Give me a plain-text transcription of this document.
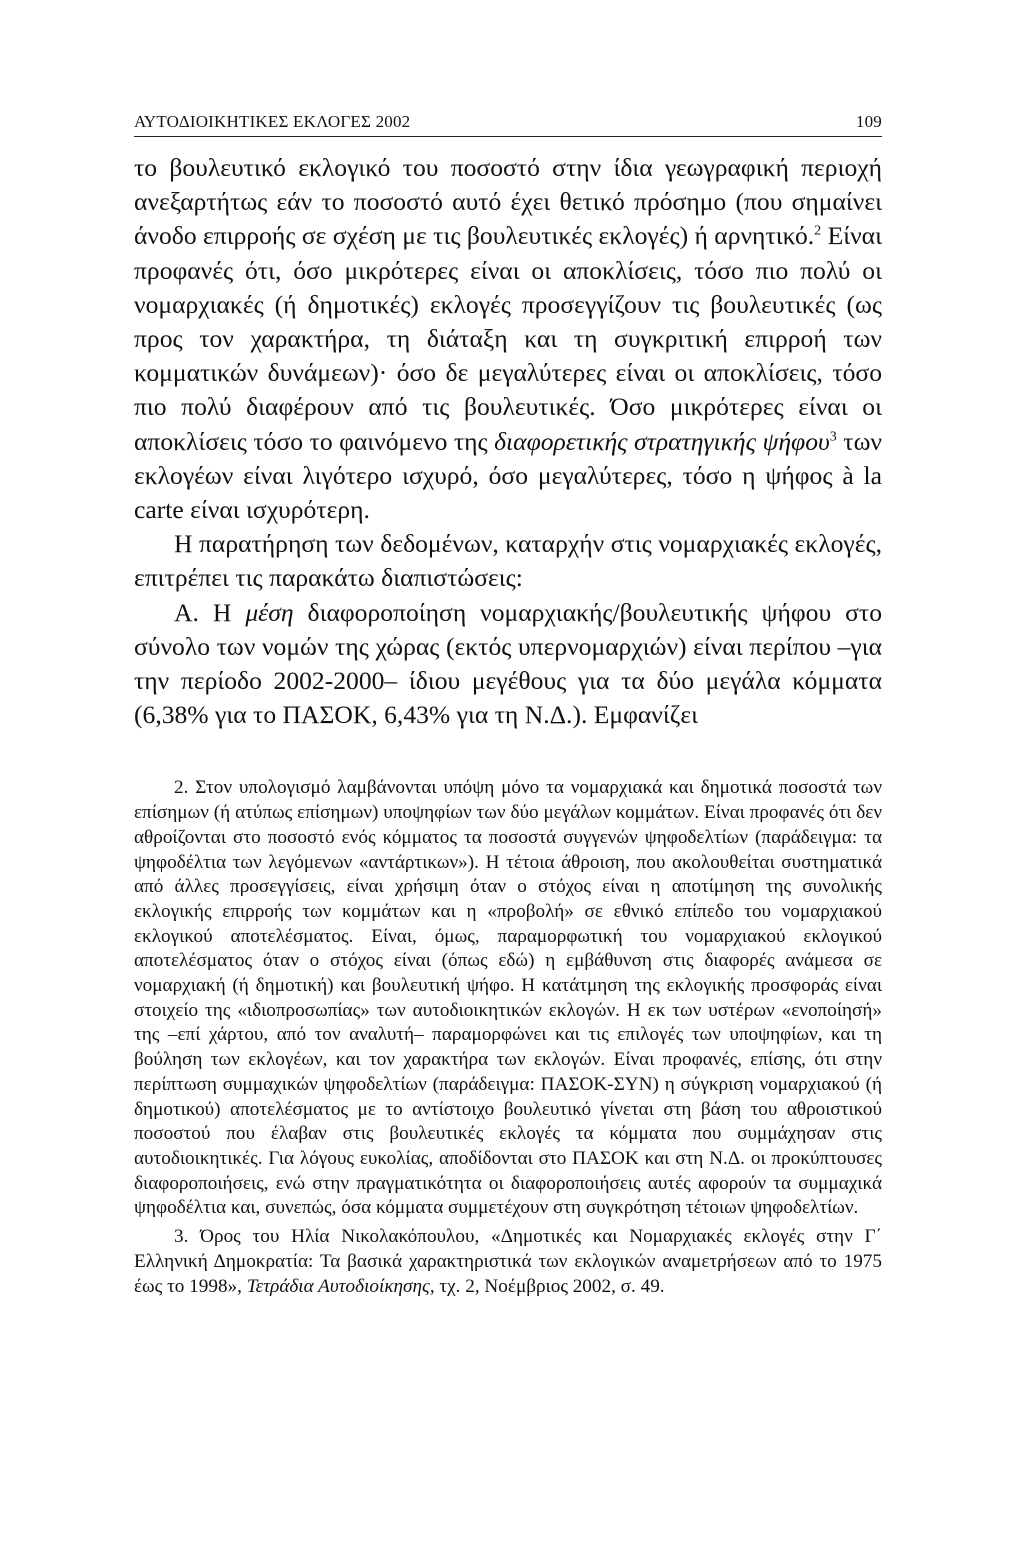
ΑΥΤΟΔΙΟΙΚΗΤΙΚΕΣ ΕΚΛΟΓΕΣ 2002	109

το βουλευτικό εκλογικό του ποσοστό στην ίδια γεωγραφική περιοχή ανεξαρτήτως εάν το ποσοστό αυτό έχει θετικό πρόσημο (που σημαίνει άνοδο επιρροής σε σχέση με τις βουλευτικές εκλογές) ή αρνητικό.$^2$ Είναι προφανές ότι, όσο μικρότερες είναι οι αποκλίσεις, τόσο πιο πολύ οι νομαρχιακές (ή δημοτικές) εκλογές προσεγγίζουν τις βουλευτικές (ως προς τον χαρακτήρα, τη διάταξη και τη συγκριτική επιρροή των κομματικών δυνάμεων)· όσο δε μεγαλύτερες είναι οι αποκλίσεις, τόσο πιο πολύ διαφέρουν από τις βουλευτικές. Όσο μικρότερες είναι οι αποκλίσεις τόσο το φαινόμενο της διαφορετικής στρατηγικής ψήφου$^3$ των εκλογέων είναι λιγότερο ισχυρό, όσο μεγαλύτερες, τόσο η ψήφος à la carte είναι ισχυρότερη.

Η παρατήρηση των δεδομένων, καταρχήν στις νομαρχιακές εκλογές, επιτρέπει τις παρακάτω διαπιστώσεις:

Α. Η μέση διαφοροποίηση νομαρχιακής/βουλευτικής ψήφου στο σύνολο των νομών της χώρας (εκτός υπερνομαρχιών) είναι περίπου –για την περίοδο 2002-2000– ίδιου μεγέθους για τα δύο μεγάλα κόμματα (6,38% για το ΠΑΣΟΚ, 6,43% για τη Ν.Δ.). Εμφανίζει

2. Στον υπολογισμό λαμβάνονται υπόψη μόνο τα νομαρχιακά και δημοτικά ποσοστά των επίσημων (ή ατύπως επίσημων) υποψηφίων των δύο μεγάλων κομμάτων. Είναι προφανές ότι δεν αθροίζονται στο ποσοστό ενός κόμματος τα ποσοστά συγγενών ψηφοδελτίων (παράδειγμα: τα ψηφοδέλτια των λεγόμενων «αντάρτικων»). Η τέτοια άθροιση, που ακολουθείται συστηματικά από άλλες προσεγγίσεις, είναι χρήσιμη όταν ο στόχος είναι η αποτίμηση της συνολικής εκλογικής επιρροής των κομμάτων και η «προβολή» σε εθνικό επίπεδο του νομαρχιακού εκλογικού αποτελέσματος. Είναι, όμως, παραμορφωτική του νομαρχιακού εκλογικού αποτελέσματος όταν ο στόχος είναι (όπως εδώ) η εμβάθυνση στις διαφορές ανάμεσα σε νομαρχιακή (ή δημοτική) και βουλευτική ψήφο. Η κατάτμηση της εκλογικής προσφοράς είναι στοιχείο της «ιδιοπροσωπίας» των αυτοδιοικητικών εκλογών. Η εκ των υστέρων «ενοποίησή» της –επί χάρτου, από τον αναλυτή– παραμορφώνει και τις επιλογές των υποψηφίων, και τη βούληση των εκλογέων, και τον χαρακτήρα των εκλογών. Είναι προφανές, επίσης, ότι στην περίπτωση συμμαχικών ψηφοδελτίων (παράδειγμα: ΠΑΣΟΚ-ΣΥΝ) η σύγκριση νομαρχιακού (ή δημοτικού) αποτελέσματος με το αντίστοιχο βουλευτικό γίνεται στη βάση του αθροιστικού ποσοστού που έλαβαν στις βουλευτικές εκλογές τα κόμματα που συμμάχησαν στις αυτοδιοικητικές. Για λόγους ευκολίας, αποδίδονται στο ΠΑΣΟΚ και στη Ν.Δ. οι προκύπτουσες διαφοροποιήσεις, ενώ στην πραγματικότητα οι διαφοροποιήσεις αυτές αφορούν τα συμμαχικά ψηφοδέλτια και, συνεπώς, όσα κόμματα συμμετέχουν στη συγκρότηση τέτοιων ψηφοδελτίων.

3. Όρος του Ηλία Νικολακόπουλου, «Δημοτικές και Νομαρχιακές εκλογές στην Γ΄ Ελληνική Δημοκρατία: Τα βασικά χαρακτηριστικά των εκλογικών αναμετρήσεων από το 1975 έως το 1998», Τετράδια Αυτοδιοίκησης, τχ. 2, Νοέμβριος 2002, σ. 49.
